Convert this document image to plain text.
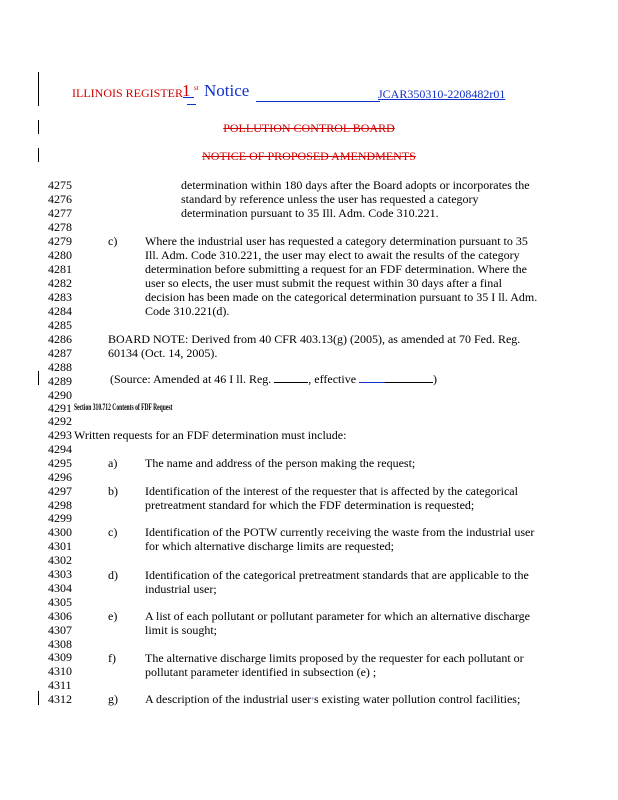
ILLINOIS REGISTER 1 st Notice	JCAR350310-2208482r01
POLLUTION CONTROL BOARD
NOTICE OF PROPOSED AMENDMENTS
4275
4276
4277
4278
4279
4280
4281
4282
4283
4284
4285
4286
4287
4288
4289
4290
4291
4292
4293
4294
4295
4296
4297
4298
4299
4300
4301
4302
4303
4304
4305
4306
4307
4308
4309
4310
4311
4312
determination within 180 days after the Board adopts or incorporates the
standard by reference unless the user has requested a category
determination pursuant to 35 Ill. Adm. Code 310.221.
c) Where the industrial user has requested a category determination pursuant to 35
Ill. Adm. Code 310.221, the user may elect to await the results of the category
determination before submitting a request for an FDF determination. Where the
user so elects, the user must submit the request within 30 days after a final
decision has been made on the categorical determination pursuant to 35 I ll. Adm.
Code 310.221(d).
BOARD NOTE: Derived from 40 CFR 403.13(g) (2005), as amended at 70 Fed. Reg.
60134 (Oct. 14, 2005).
(Source: Amended at 46 I ll. Reg.	, effective	)
Section 310.712 Contents of FDF Request
Written requests for an FDF determination must include:
a) The name and address of the person making the request;
b) Identification of the interest of the requester that is affected by the categorical
pretreatment standard for which the FDF determination is requested;
c) Identification of the POTW currently receiving the waste from the industrial user
for which alternative discharge limits are requested;
d) Identification of the categorical pretreatment standards that are applicable to the
industrial user;
e) A list of each pollutant or pollutant parameter for which an alternative discharge
limit is sought;
f) The alternative discharge limits proposed by the requester for each pollutant or
pollutant parameter identified in subsection (e) ;
g) A description of the industrial user’s existing water pollution control facilities;
